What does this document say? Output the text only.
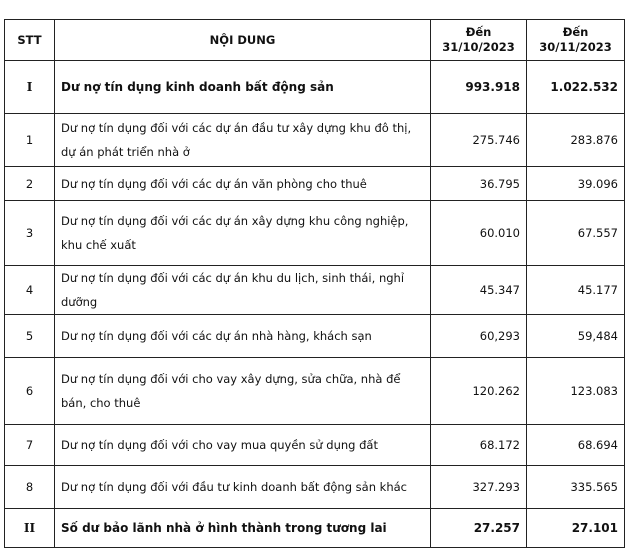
STT	NỘI DUNG	Đến 31/10/2023	Đến 30/11/2023
I	Dư nợ tín dụng kinh doanh bất động sản	993.918	1.022.532
1	Dư nợ tín dụng đối với các dự án đầu tư xây dựng khu đô thị, dự án phát triển nhà ở	275.746	283.876
2	Dư nợ tín dụng đối với các dự án văn phòng cho thuê	36.795	39.096
3	Dư nợ tín dụng đối với các dự án xây dựng khu công nghiệp, khu chế xuất	60.010	67.557
4	Dư nợ tín dụng đối với các dự án khu du lịch, sinh thái, nghỉ dưỡng	45.347	45.177
5	Dư nợ tín dụng đối với các dự án nhà hàng, khách sạn	60,293	59,484
6	Dư nợ tín dụng đối với cho vay xây dựng, sửa chữa, nhà để bán, cho thuê	120.262	123.083
7	Dư nợ tín dụng đối với cho vay mua quyền sử dụng đất	68.172	68.694
8	Dư nợ tín dụng đối với đầu tư kinh doanh bất động sản khác	327.293	335.565
II	Số dư bảo lãnh nhà ở hình thành trong tương lai	27.257	27.101
